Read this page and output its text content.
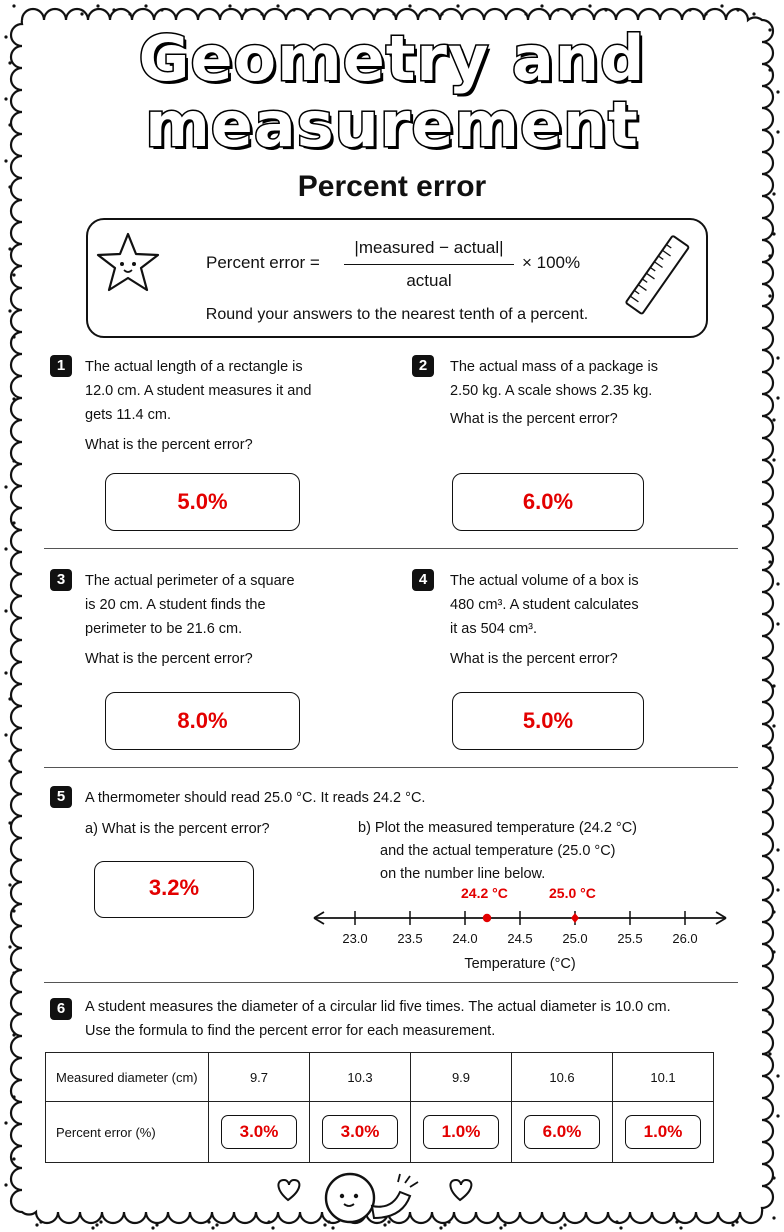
Geometry and
measurement
Percent error
Percent error =
|measured − actual|
actual
× 100%
Round your answers to the nearest tenth of a percent.
1	The actual length of a rectangle is
12.0 cm. A student measures it and
gets 11.4 cm.
What is the percent error?
5.0%
2	The actual mass of a package is
2.50 kg. A scale shows 2.35 kg.
What is the percent error?
6.0%
3	The actual perimeter of a square
is 20 cm. A student finds the
perimeter to be 21.6 cm.
What is the percent error?
8.0%
4	The actual volume of a box is
480 cm³. A student calculates
it as 504 cm³.
What is the percent error?
5.0%
5	A thermometer should read 25.0 °C. It reads 24.2 °C.
a) What is the percent error?
3.2%
b) Plot the measured temperature (24.2 °C)
and the actual temperature (25.0 °C)
on the number line below.
23.0	23.5	24.0	24.5	25.0	25.5	26.0
24.2 °C	25.0 °C
Temperature (°C)
6	A student measures the diameter of a circular lid five times. The actual diameter is 10.0 cm.
Use the formula to find the percent error for each measurement.
Measured diameter (cm)	9.7	10.3	9.9	10.6	10.1
Percent error (%)	3.0%	3.0%	1.0%	6.0%	1.0%
